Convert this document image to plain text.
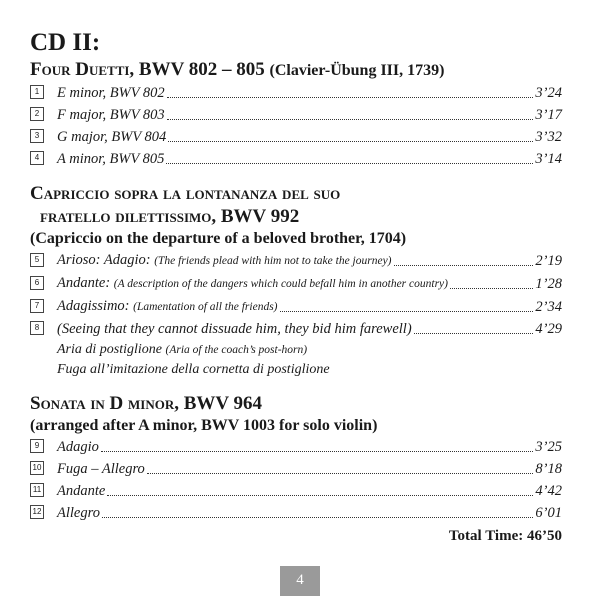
CD II:

Four Duetti, BWV 802 – 805 (Clavier-Übung III, 1739)

1	E minor, BWV 802	3’24
2	F major, BWV 803	3’17
3	G major, BWV 804	3’32
4	A minor, BWV 805	3’14

Capriccio sopra la lontananza del suo

fratello dilettissimo, BWV 992

(Capriccio on the departure of a beloved brother, 1704)

5	Arioso: Adagio: (The friends plead with him not to take the journey)	2’19
6	Andante: (A description of the dangers which could befall him in another country)	1’28
7	Adagissimo: (Lamentation of all the friends)	2’34
8	(Seeing that they cannot dissuade him, they bid him farewell)	4’29
Aria di postiglione (Aria of the coach’s post-horn)
Fuga all’imitazione della cornetta di postiglione

Sonata in D minor, BWV 964

(arranged after A minor, BWV 1003 for solo violin)

9	Adagio	3’25
10 Fuga – Allegro	8’18
11 Andante	4’42
12 Allegro	6’01
Total Time: 46’50
4
